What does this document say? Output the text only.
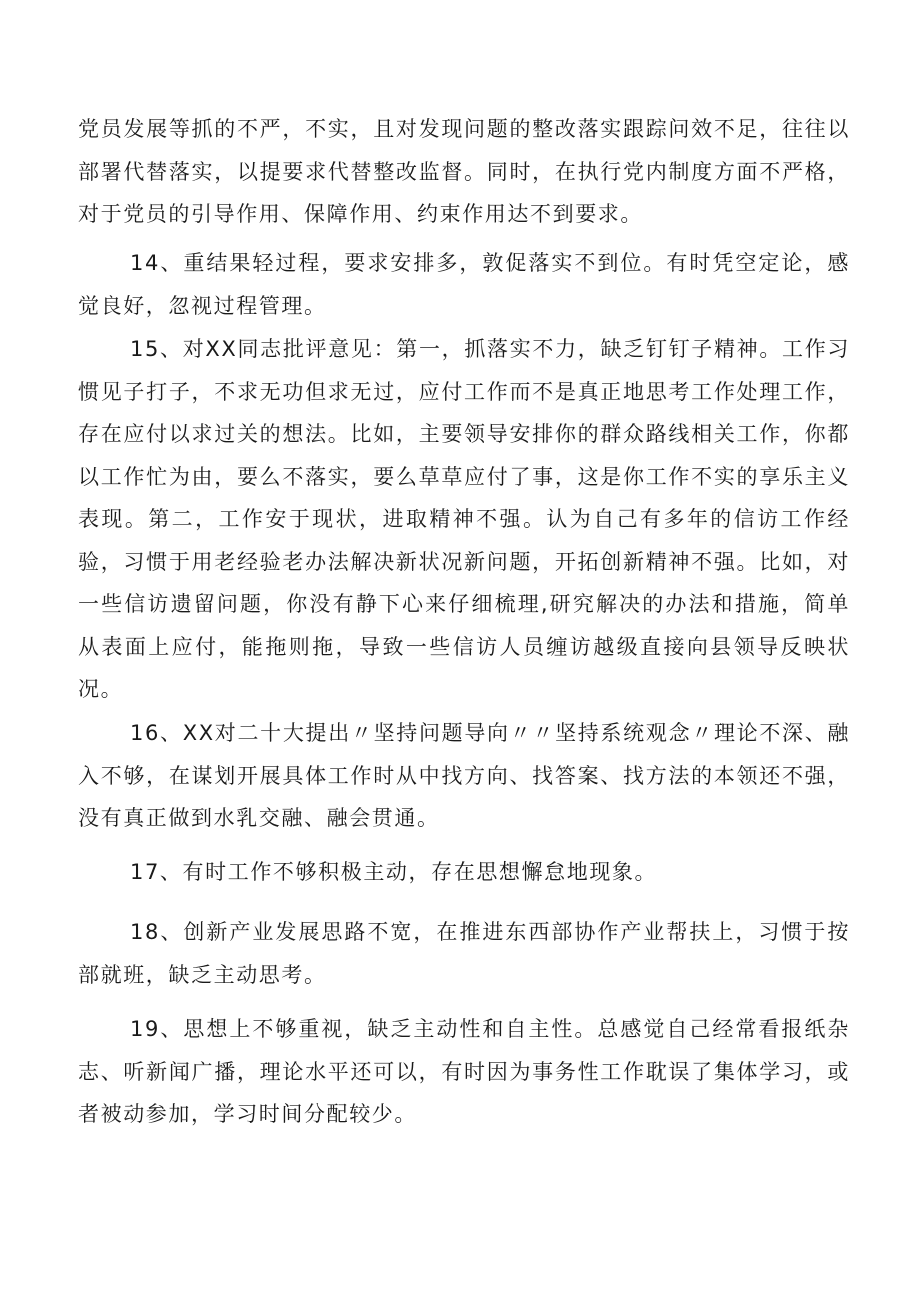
党员发展等抓的不严，不实，且对发现问题的整改落实跟踪问效不足，往往以部署代替落实，以提要求代替整改监督。同时，在执行党内制度方面不严格，对于党员的引导作用、保障作用、约束作用达不到要求。

14、重结果轻过程，要求安排多，敦促落实不到位。有时凭空定论，感觉良好，忽视过程管理。

15、对XX同志批评意见：第一，抓落实不力，缺乏钉钉子精神。工作习惯见子打子，不求无功但求无过，应付工作而不是真正地思考工作处理工作，存在应付以求过关的想法。比如，主要领导安排你的群众路线相关工作，你都以工作忙为由，要么不落实，要么草草应付了事，这是你工作不实的享乐主义表现。第二，工作安于现状，进取精神不强。认为自己有多年的信访工作经验，习惯于用老经验老办法解决新状况新问题，开拓创新精神不强。比如，对一些信访遗留问题，你没有静下心来仔细梳理,研究解决的办法和措施，简单从表面上应付，能拖则拖，导致一些信访人员缠访越级直接向县领导反映状况。

16、XX对二十大提出〃坚持问题导向〃〃坚持系统观念〃理论不深、融入不够，在谋划开展具体工作时从中找方向、找答案、找方法的本领还不强，没有真正做到水乳交融、融会贯通。

17、有时工作不够积极主动，存在思想懈怠地现象。

18、创新产业发展思路不宽，在推进东西部协作产业帮扶上，习惯于按部就班，缺乏主动思考。

19、思想上不够重视，缺乏主动性和自主性。总感觉自己经常看报纸杂志、听新闻广播，理论水平还可以，有时因为事务性工作耽误了集体学习，或者被动参加，学习时间分配较少。
